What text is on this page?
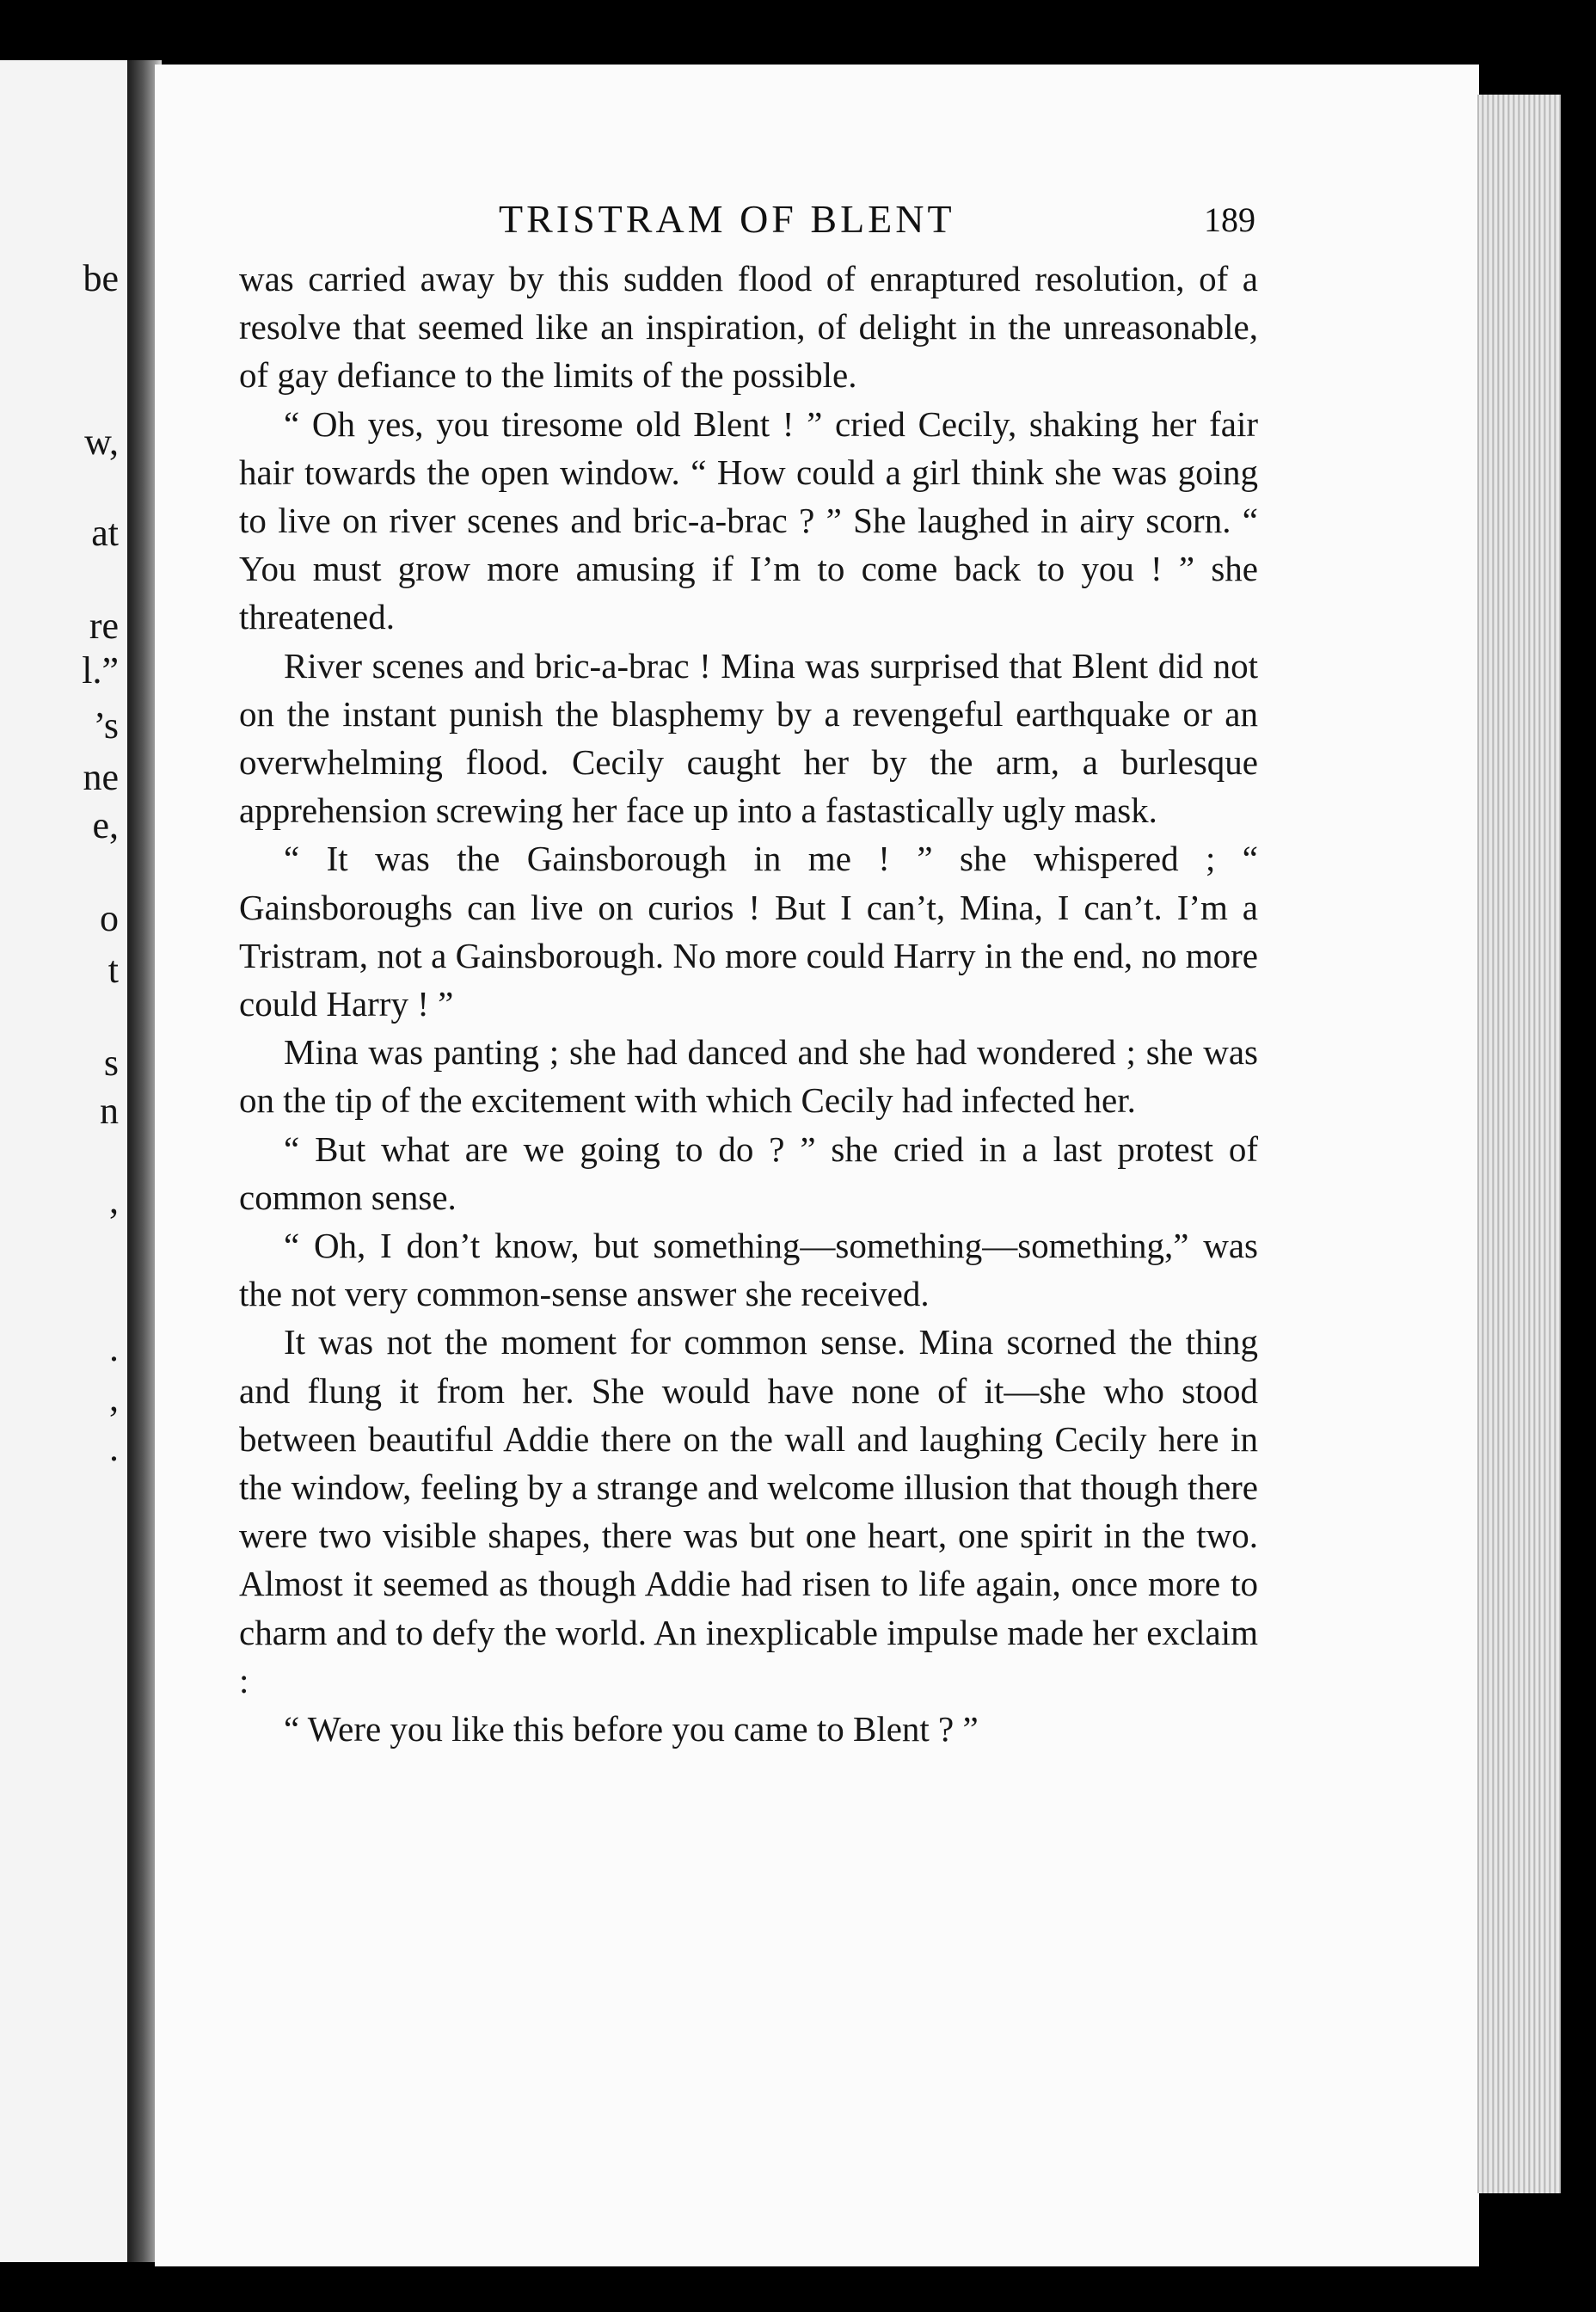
be
w,
at
re
l.”
’s
ne
e,
o
t
s
n
,
.
,
.
TRISTRAM OF BLENT	189

was carried away by this sudden flood of enraptured resolution, of a resolve that seemed like an inspiration, of delight in the unreasonable, of gay defiance to the limits of the possible.

“ Oh yes, you tiresome old Blent ! ” cried Cecily, shaking her fair hair towards the open window. “ How could a girl think she was going to live on river scenes and bric-a-brac ? ” She laughed in airy scorn. “ You must grow more amusing if I’m to come back to you ! ” she threatened.

River scenes and bric-a-brac ! Mina was surprised that Blent did not on the instant punish the blasphemy by a revengeful earthquake or an overwhelming flood. Cecily caught her by the arm, a burlesque apprehension screwing her face up into a fastastically ugly mask.

“ It was the Gainsborough in me ! ” she whispered ; “ Gainsboroughs can live on curios ! But I can’t, Mina, I can’t. I’m a Tristram, not a Gainsborough. No more could Harry in the end, no more could Harry ! ”

Mina was panting ; she had danced and she had wondered ; she was on the tip of the excitement with which Cecily had infected her.

“ But what are we going to do ? ” she cried in a last protest of common sense.

“ Oh, I don’t know, but something—something—something,” was the not very common-sense answer she received.

It was not the moment for common sense. Mina scorned the thing and flung it from her. She would have none of it—she who stood between beautiful Addie there on the wall and laughing Cecily here in the window, feeling by a strange and welcome illusion that though there were two visible shapes, there was but one heart, one spirit in the two. Almost it seemed as though Addie had risen to life again, once more to charm and to defy the world. An inexplicable impulse made her exclaim :

“ Were you like this before you came to Blent ? ”
